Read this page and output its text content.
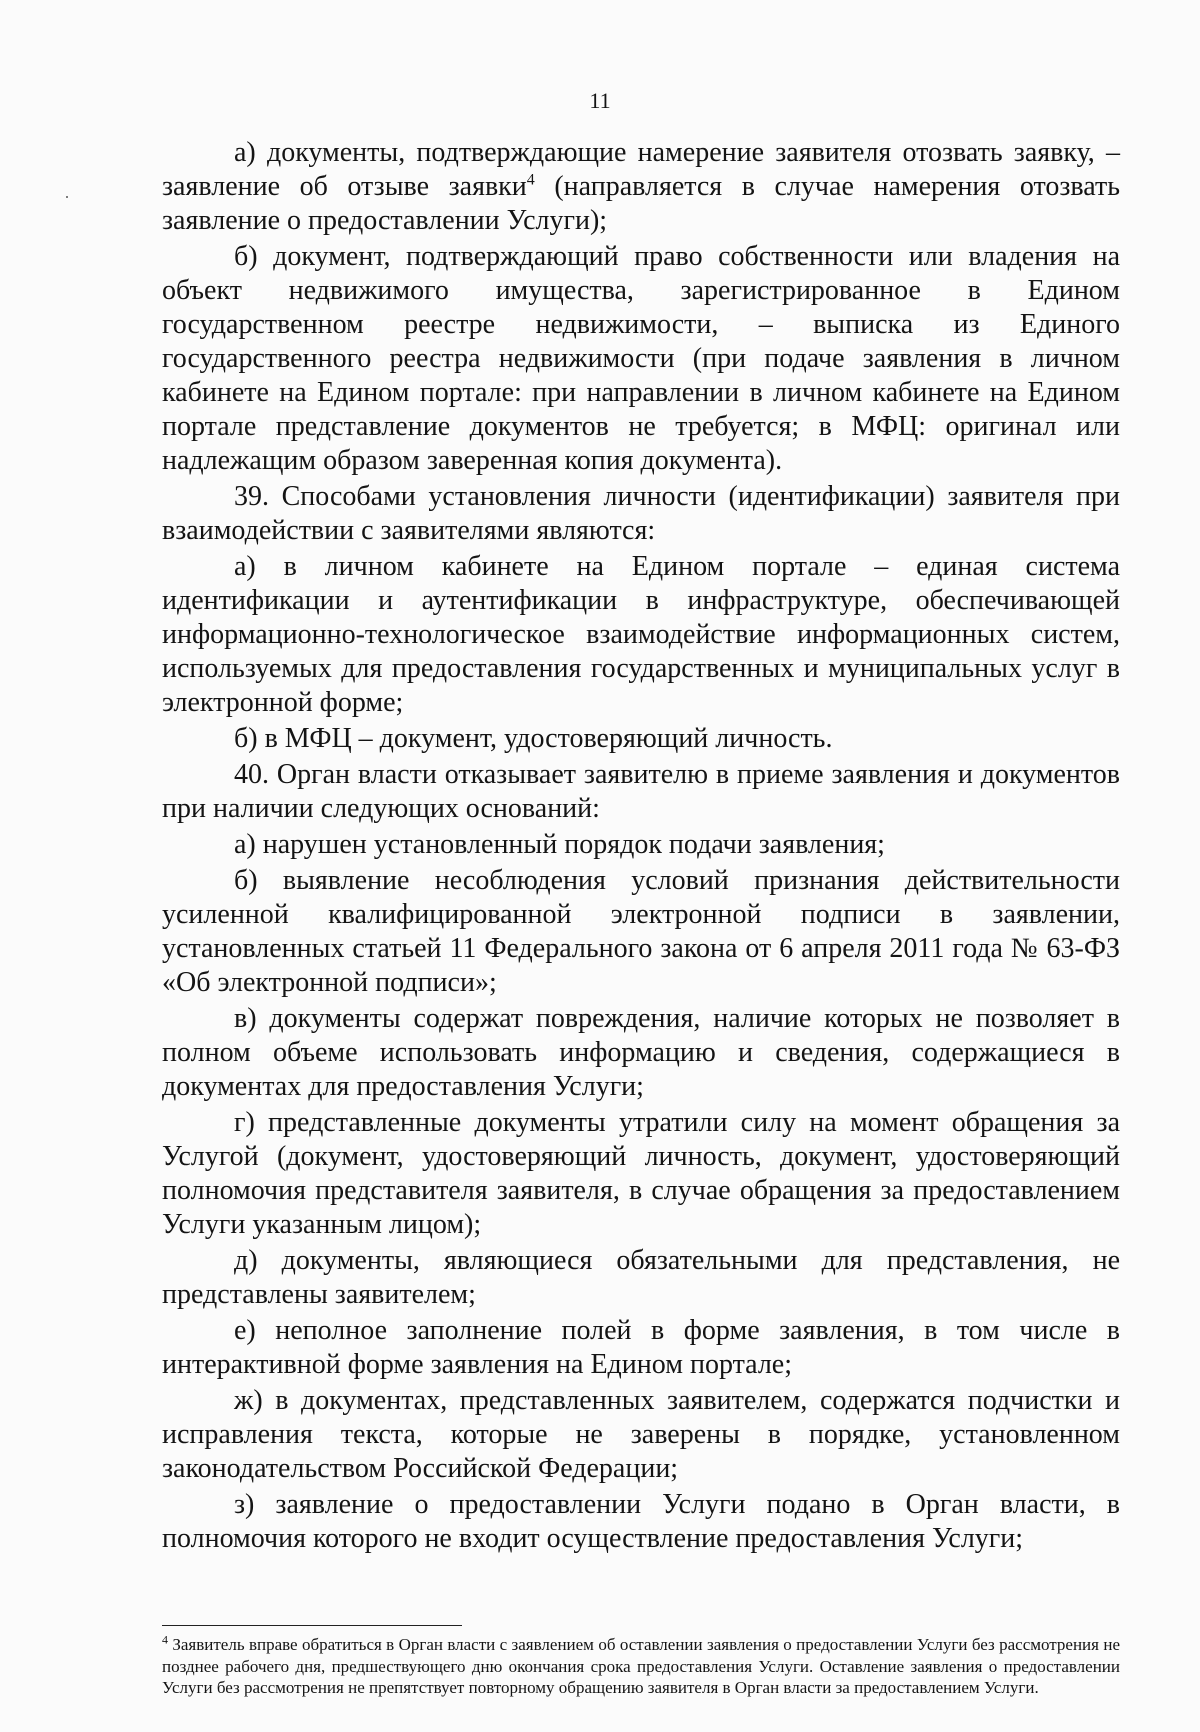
11

а) документы, подтверждающие намерение заявителя отозвать заявку, – заявление об отзыве заявки$^4$ (направляется в случае намерения отозвать заявление о предоставлении Услуги);

б) документ, подтверждающий право собственности или владения на объект недвижимого имущества, зарегистрированное в Едином государственном реестре недвижимости, – выписка из Единого государственного реестра недвижимости (при подаче заявления в личном кабинете на Едином портале: при направлении в личном кабинете на Едином портале представление документов не требуется; в МФЦ: оригинал или надлежащим образом заверенная копия документа).

39. Способами установления личности (идентификации) заявителя при взаимодействии с заявителями являются:

а) в личном кабинете на Едином портале – единая система идентификации и аутентификации в инфраструктуре, обеспечивающей информационно-технологическое взаимодействие информационных систем, используемых для предоставления государственных и муниципальных услуг в электронной форме;

б) в МФЦ – документ, удостоверяющий личность.

40. Орган власти отказывает заявителю в приеме заявления и документов при наличии следующих оснований:

а) нарушен установленный порядок подачи заявления;

б) выявление несоблюдения условий признания действительности усиленной квалифицированной электронной подписи в заявлении, установленных статьей 11 Федерального закона от 6 апреля 2011 года № 63-ФЗ «Об электронной подписи»;

в) документы содержат повреждения, наличие которых не позволяет в полном объеме использовать информацию и сведения, содержащиеся в документах для предоставления Услуги;

г) представленные документы утратили силу на момент обращения за Услугой (документ, удостоверяющий личность, документ, удостоверяющий полномочия представителя заявителя, в случае обращения за предоставлением Услуги указанным лицом);

д) документы, являющиеся обязательными для представления, не представлены заявителем;

е) неполное заполнение полей в форме заявления, в том числе в интерактивной форме заявления на Едином портале;

ж) в документах, представленных заявителем, содержатся подчистки и исправления текста, которые не заверены в порядке, установленном законодательством Российской Федерации;

з) заявление о предоставлении Услуги подано в Орган власти, в полномочия которого не входит осуществление предоставления Услуги;

$^4$ Заявитель вправе обратиться в Орган власти с заявлением об оставлении заявления о предоставлении Услуги без рассмотрения не позднее рабочего дня, предшествующего дню окончания срока предоставления Услуги. Оставление заявления о предоставлении Услуги без рассмотрения не препятствует повторному обращению заявителя в Орган власти за предоставлением Услуги.
